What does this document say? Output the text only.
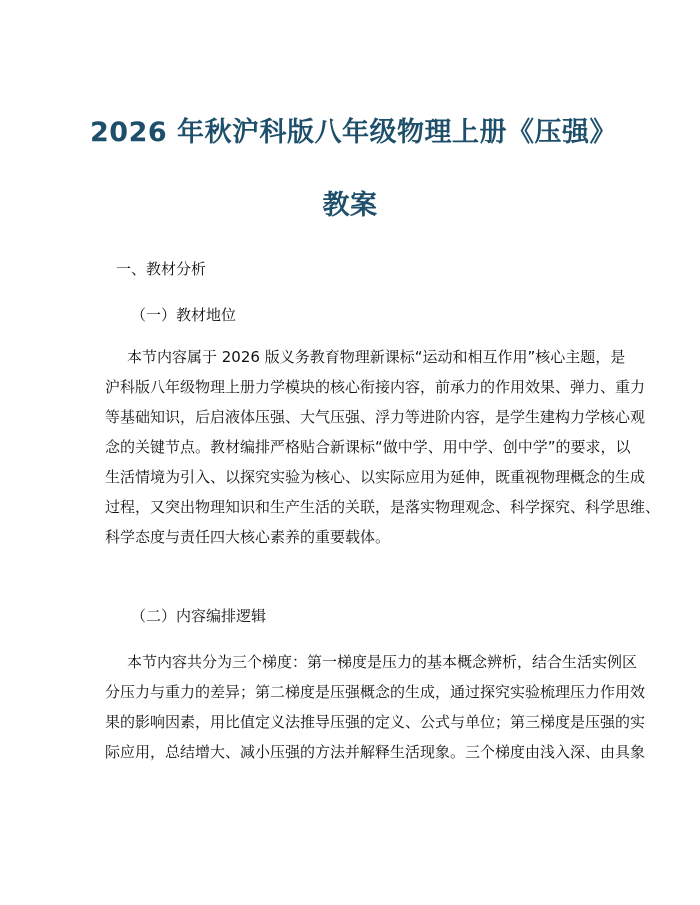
2026 年秋沪科版八年级物理上册《压强》
教案
一、教材分析
（一）教材地位
本节内容属于 2026 版义务教育物理新课标“运动和相互作用”核心主题，是
沪科版八年级物理上册力学模块的核心衔接内容，前承力的作用效果、弹力、重力
等基础知识，后启液体压强、大气压强、浮力等进阶内容，是学生建构力学核心观
念的关键节点。教材编排严格贴合新课标“做中学、用中学、创中学”的要求，以
生活情境为引入、以探究实验为核心、以实际应用为延伸，既重视物理概念的生成
过程，又突出物理知识和生产生活的关联，是落实物理观念、科学探究、科学思维、
科学态度与责任四大核心素养的重要载体。
（二）内容编排逻辑
本节内容共分为三个梯度：第一梯度是压力的基本概念辨析，结合生活实例区
分压力与重力的差异；第二梯度是压强概念的生成，通过探究实验梳理压力作用效
果的影响因素，用比值定义法推导压强的定义、公式与单位；第三梯度是压强的实
际应用，总结增大、减小压强的方法并解释生活现象。三个梯度由浅入深、由具象
